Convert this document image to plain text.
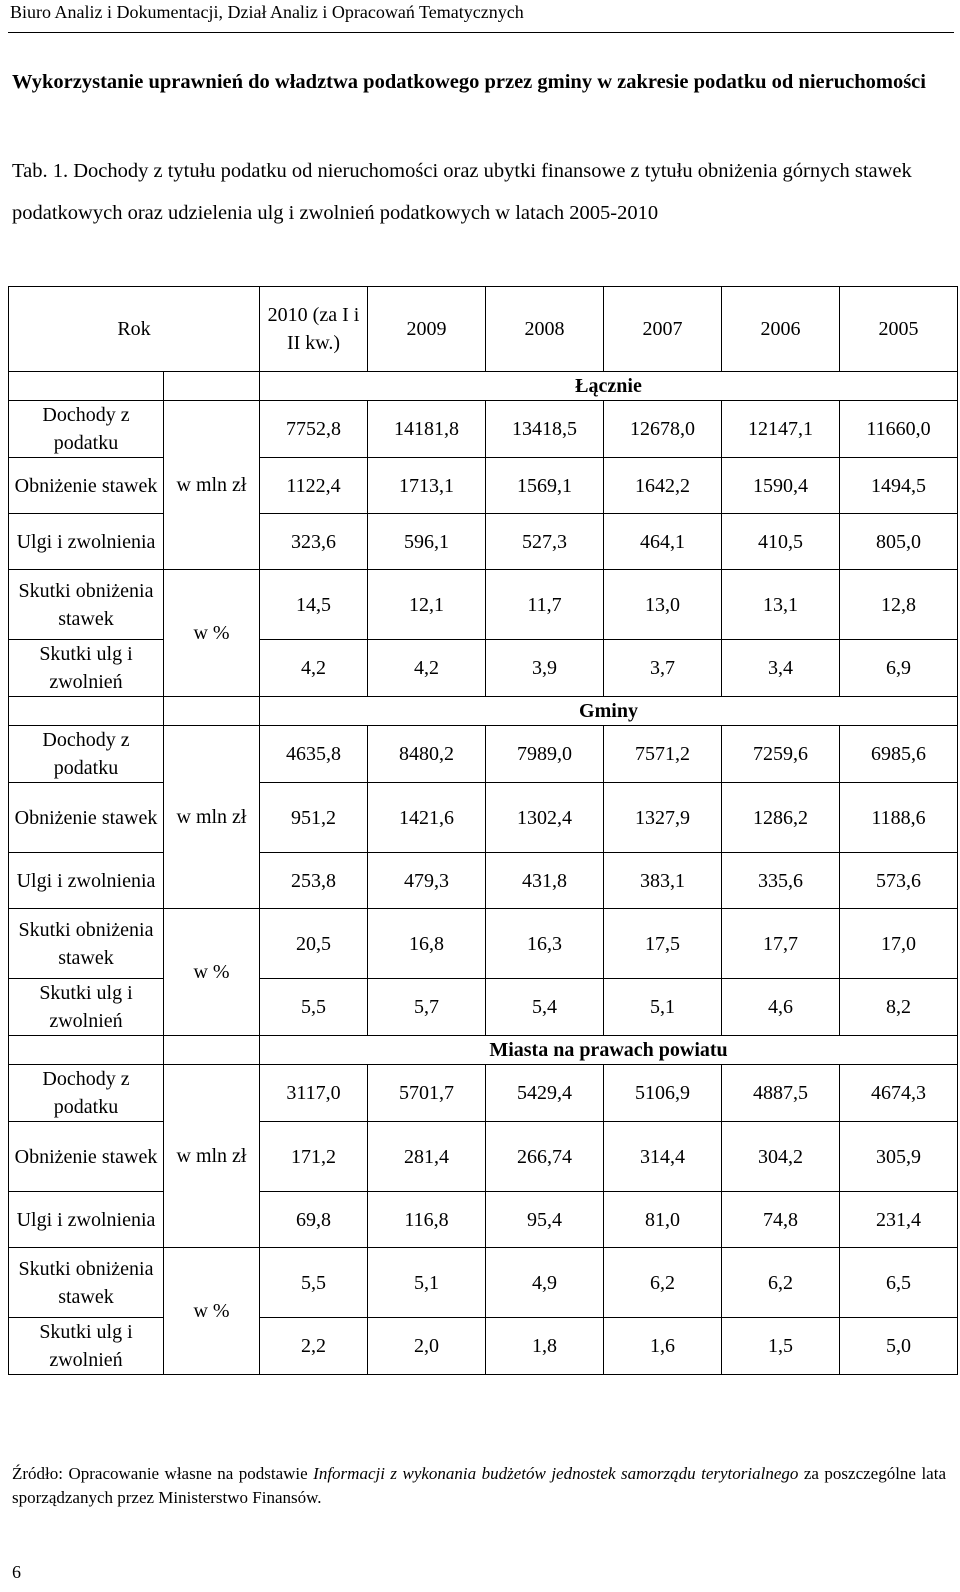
Biuro Analiz i Dokumentacji, Dział Analiz i Opracowań Tematycznych
Wykorzystanie uprawnień do władztwa podatkowego przez gminy w zakresie podatku od nieruchomości
Tab. 1. Dochody z tytułu podatku od nieruchomości oraz ubytki finansowe z tytułu obniżenia górnych stawek podatkowych oraz udzielenia ulg i zwolnień podatkowych w latach 2005-2010
Rok		2010 (za I i II kw.)	2009	2008	2007	2006	2005
		Łącznie					
Dochody z podatku	w mln zł	7752,8	14181,8	13418,5	12678,0	12147,1	11660,0
Obniżenie stawek		1122,4	1713,1	1569,1	1642,2	1590,4	1494,5
Ulgi i zwolnienia		323,6	596,1	527,3	464,1	410,5	805,0
Skutki obniżenia stawek	w %	14,5	12,1	11,7	13,0	13,1	12,8
Skutki ulg i zwolnień		4,2	4,2	3,9	3,7	3,4	6,9
		Gminy					
Dochody z podatku	w mln zł	4635,8	8480,2	7989,0	7571,2	7259,6	6985,6
Obniżenie stawek		951,2	1421,6	1302,4	1327,9	1286,2	1188,6
Ulgi i zwolnienia		253,8	479,3	431,8	383,1	335,6	573,6
Skutki obniżenia stawek	w %	20,5	16,8	16,3	17,5	17,7	17,0
Skutki ulg i zwolnień		5,5	5,7	5,4	5,1	4,6	8,2
		Miasta na prawach powiatu					
Dochody z podatku	w mln zł	3117,0	5701,7	5429,4	5106,9	4887,5	4674,3
Obniżenie stawek		171,2	281,4	266,74	314,4	304,2	305,9
Ulgi i zwolnienia		69,8	116,8	95,4	81,0	74,8	231,4
Skutki obniżenia stawek	w %	5,5	5,1	4,9	6,2	6,2	6,5
Skutki ulg i zwolnień		2,2	2,0	1,8	1,6	1,5	5,0
Źródło: Opracowanie własne na podstawie Informacji z wykonania budżetów jednostek samorządu terytorialnego za poszczególne lata sporządzanych przez Ministerstwo Finansów.
6
